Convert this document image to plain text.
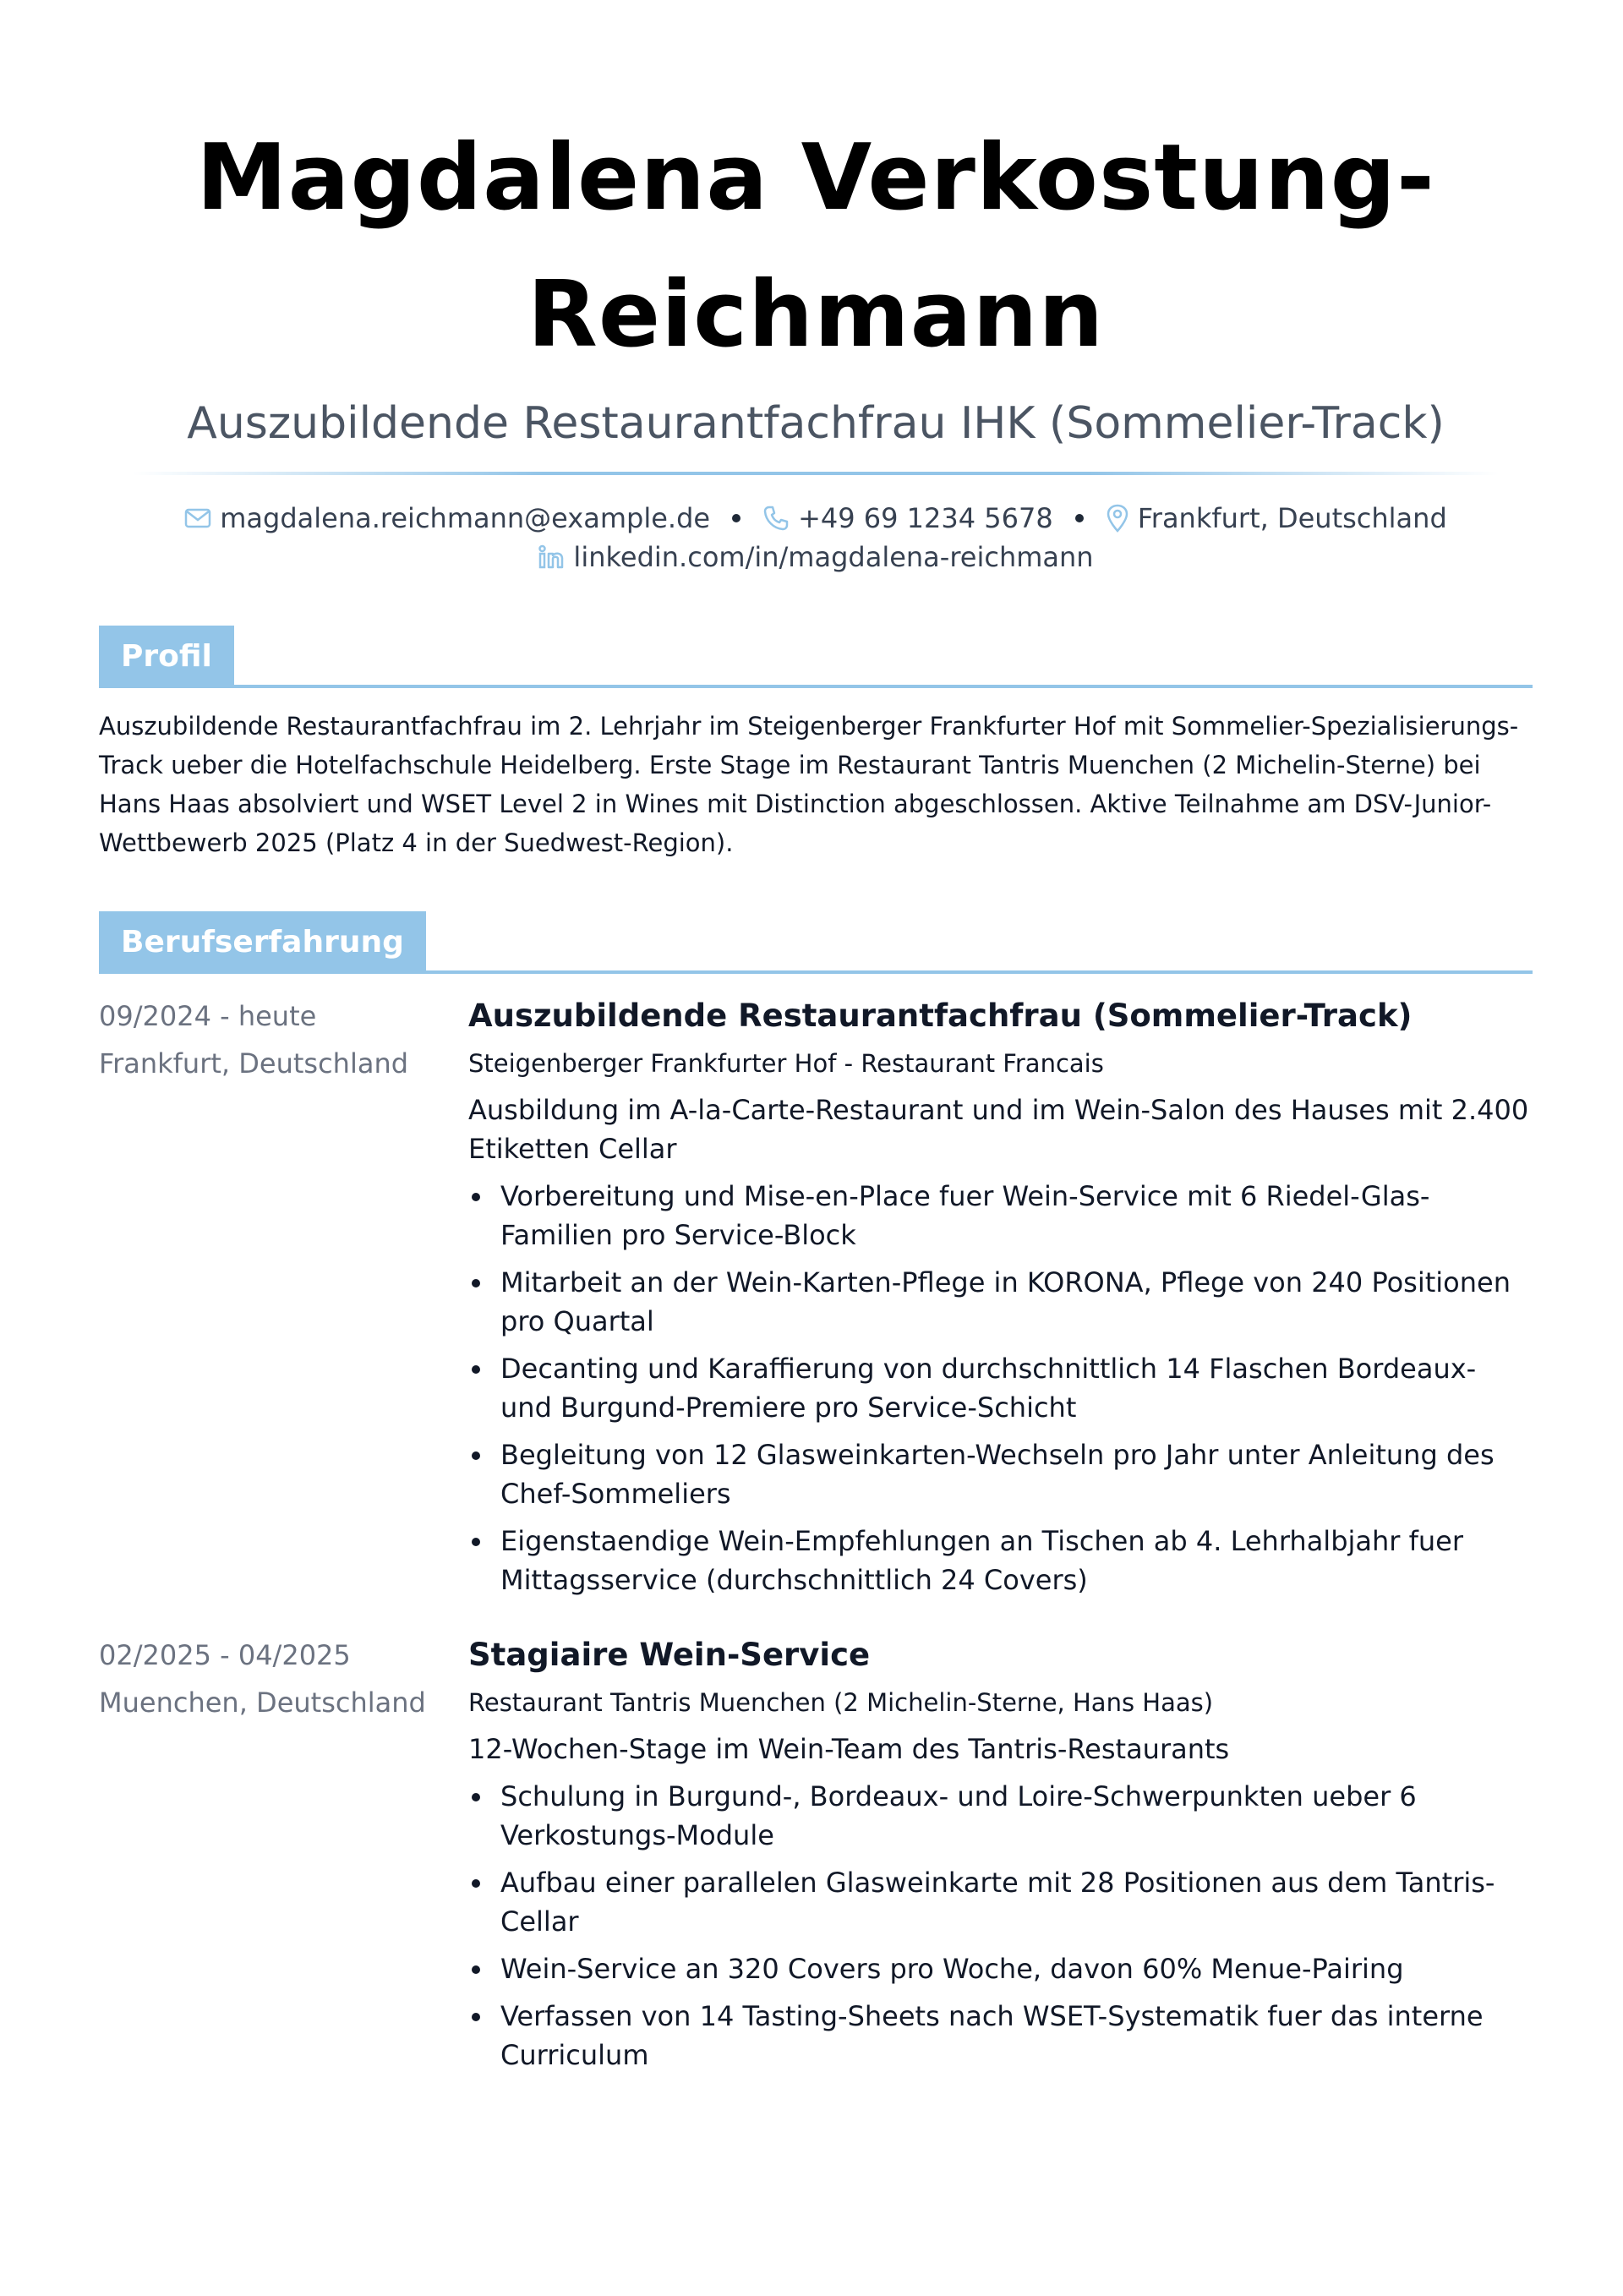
Magdalena Verkostung-
Reichmann
Auszubildende Restaurantfachfrau IHK (Sommelier-Track)
magdalena.reichmann@example.de	+49 69 1234 5678	Frankfurt, Deutschland
linkedin.com/in/magdalena-reichmann
Profil
Auszubildende Restaurantfachfrau im 2. Lehrjahr im Steigenberger Frankfurter Hof mit Sommelier-Spezialisierungs-Track ueber die Hotelfachschule Heidelberg. Erste Stage im Restaurant Tantris Muenchen (2 Michelin-Sterne) bei Hans Haas absolviert und WSET Level 2 in Wines mit Distinction abgeschlossen. Aktive Teilnahme am DSV-Junior-Wettbewerb 2025 (Platz 4 in der Suedwest-Region).
Berufserfahrung
09/2024 - heute
Frankfurt, Deutschland
Auszubildende Restaurantfachfrau (Sommelier-Track)
Steigenberger Frankfurter Hof - Restaurant Francais
Ausbildung im A-la-Carte-Restaurant und im Wein-Salon des Hauses mit 2.400 Etiketten Cellar
Vorbereitung und Mise-en-Place fuer Wein-Service mit 6 Riedel-Glas-Familien pro Service-Block
Mitarbeit an der Wein-Karten-Pflege in KORONA, Pflege von 240 Positionen pro Quartal
Decanting und Karaffierung von durchschnittlich 14 Flaschen Bordeaux- und Burgund-Premiere pro Service-Schicht
Begleitung von 12 Glasweinkarten-Wechseln pro Jahr unter Anleitung des Chef-Sommeliers
Eigenstaendige Wein-Empfehlungen an Tischen ab 4. Lehrhalbjahr fuer Mittagsservice (durchschnittlich 24 Covers)
02/2025 - 04/2025
Muenchen, Deutschland
Stagiaire Wein-Service
Restaurant Tantris Muenchen (2 Michelin-Sterne, Hans Haas)
12-Wochen-Stage im Wein-Team des Tantris-Restaurants
Schulung in Burgund-, Bordeaux- und Loire-Schwerpunkten ueber 6 Verkostungs-Module
Aufbau einer parallelen Glasweinkarte mit 28 Positionen aus dem Tantris-Cellar
Wein-Service an 320 Covers pro Woche, davon 60% Menue-Pairing
Verfassen von 14 Tasting-Sheets nach WSET-Systematik fuer das interne Curriculum
